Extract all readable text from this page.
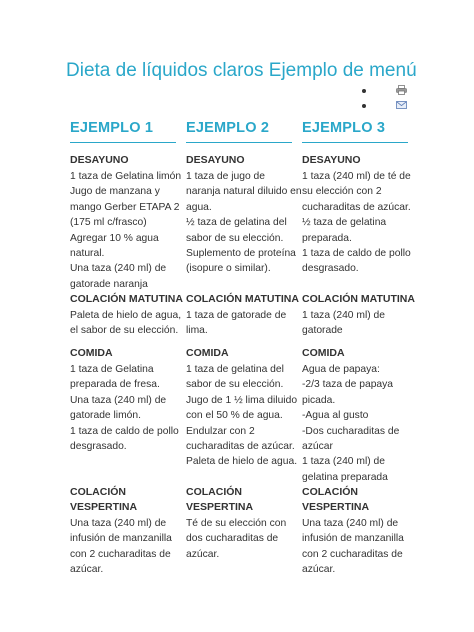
Dieta de líquidos claros Ejemplo de menú
EJEMPLO 1
DESAYUNO
1 taza de Gelatina limón
Jugo de manzana y
mango Gerber ETAPA 2
(175 ml c/frasco)
Agregar 10 % agua
natural.
Una taza (240 ml) de
gatorade naranja
COLACIÓN MATUTINA
Paleta de hielo de agua,
el sabor de su elección.
COMIDA
1 taza de Gelatina
preparada de fresa.
Una taza (240 ml) de
gatorade limón.
1 taza de caldo de pollo
desgrasado.
COLACIÓN
VESPERTINA
Una taza (240 ml) de
infusión de manzanilla
con 2 cucharaditas de
azúcar.
EJEMPLO 2
DESAYUNO
1 taza de jugo de
naranja natural diluido en
agua.
½ taza de gelatina del
sabor de su elección.
Suplemento de proteína
(isopure o similar).
COLACIÓN MATUTINA
1 taza de gatorade de
lima.
COMIDA
1 taza de gelatina del
sabor de su elección.
Jugo de 1 ½ lima diluido
con el 50 % de agua.
Endulzar con 2
cucharaditas de azúcar.
Paleta de hielo de agua.
COLACIÓN
VESPERTINA
Té de su elección con
dos cucharaditas de
azúcar.
EJEMPLO 3
DESAYUNO
1 taza (240 ml) de té de
su elección con 2
cucharaditas de azúcar.
½ taza de gelatina
preparada.
1 taza de caldo de pollo
desgrasado.
COLACIÓN MATUTINA
1 taza (240 ml) de
gatorade
COMIDA
Agua de papaya:
-2/3 taza de papaya
picada.
-Agua al gusto
-Dos cucharaditas de
azúcar
1 taza (240 ml) de
gelatina preparada
COLACIÓN
VESPERTINA
Una taza (240 ml) de
infusión de manzanilla
con 2 cucharaditas de
azúcar.
